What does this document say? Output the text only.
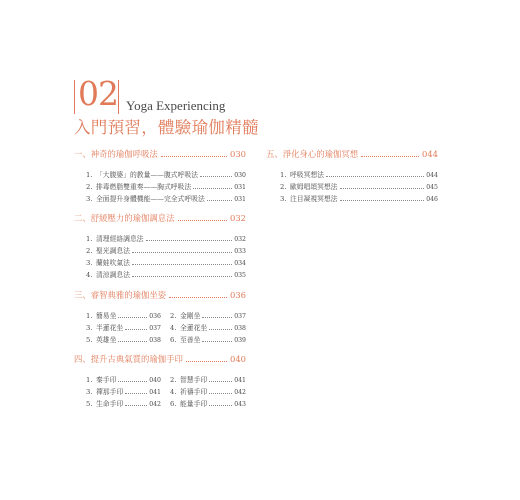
02 Yoga Experiencing
入門預習，體驗瑜伽精髓
一、神奇的瑜伽呼吸法	030
1. 「大腹婆」的教量——腹式呼吸法	030
2. 排毒燃脂雙重奏——胸式呼吸法	031
3. 全面提升身體機能——完全式呼吸法	031
二、舒緩壓力的瑜伽調息法	032
1. 清理經絡調息法	032
2. 聖光調息法	033
3. 蘭蛙吹氣法	034
4. 清涼調息法	035
三、睿智典雅的瑜伽坐姿	036
1. 簡易坐	036 2. 金剛坐	037
3. 半蓮花坐	037 4. 全蓮花坐	038
5. 英雄坐	038 6. 至善坐	039
四、提升古典氣質的瑜伽手印	040
1. 秦手印	040 2. 智慧手印	041
3. 禪那手印	041 4. 祈禱手印	042
5. 生命手印	042 6. 能量手印	043
五、淨化身心的瑜伽冥想	044
1. 呼吸冥想法	044
2. 歐姆唱頌冥想法	045
3. 注目凝視冥想法	046
